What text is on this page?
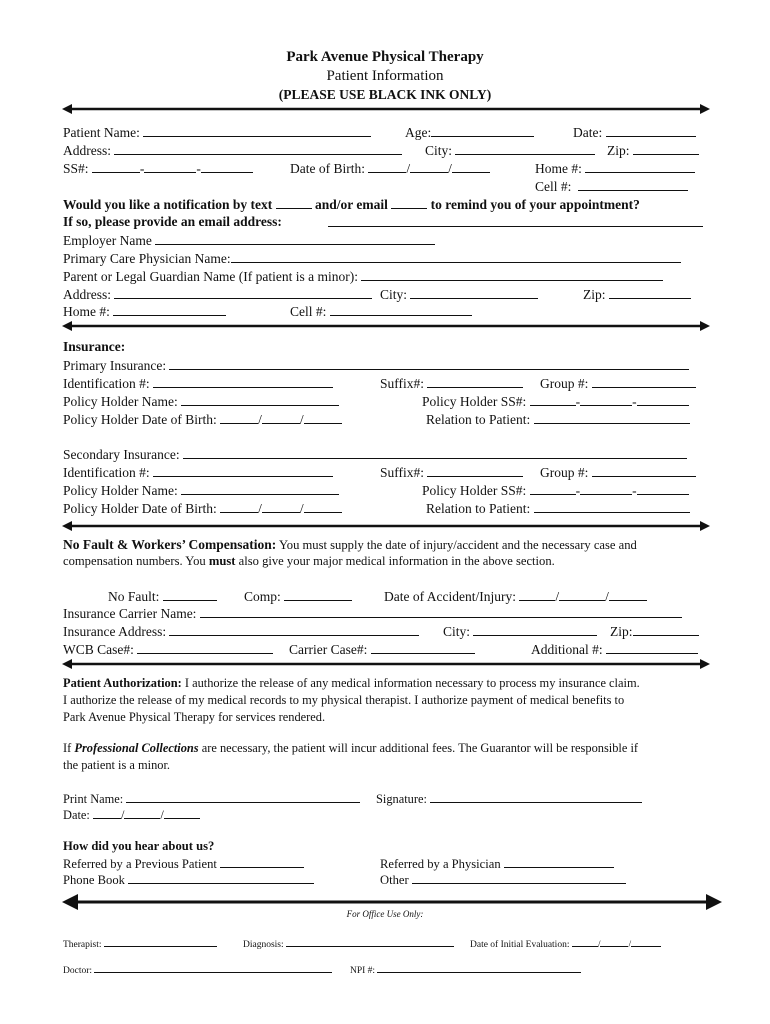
Park Avenue Physical Therapy
Patient Information
(PLEASE USE BLACK INK ONLY)
Patient Name:	Age:	Date:
Address:	City:	Zip:
SS#:	-	-	Date of Birth:	/	/	Home #:
Cell #:
Would you like a notification by text	and/or email	to remind you of your appointment?
If so, please provide an email address:
Employer Name
Primary Care Physician Name:
Parent or Legal Guardian Name (If patient is a minor):
Address:	City:	Zip:
Home #:	Cell #:
Insurance:
Primary Insurance:
Identification #:	Suffix#:	Group #:
Policy Holder Name:	Policy Holder SS#:	-	-
Policy Holder Date of Birth:	/	/	Relation to Patient:
Secondary Insurance:
Identification #:	Suffix#:	Group #:
Policy Holder Name:	Policy Holder SS#:	-	-
Policy Holder Date of Birth:	/	/	Relation to Patient:
No Fault & Workers’ Compensation: You must supply the date of injury/accident and the necessary case and
compensation numbers. You must also give your major medical information in the above section.
No Fault:	Comp:	Date of Accident/Injury:	/	/
Insurance Carrier Name:
Insurance Address:	City:	Zip:
WCB Case#:	Carrier Case#:	Additional #:
Patient Authorization: I authorize the release of any medical information necessary to process my insurance claim.
I authorize the release of my medical records to my physical therapist. I authorize payment of medical benefits to
Park Avenue Physical Therapy for services rendered.
If Professional Collections are necessary, the patient will incur additional fees. The Guarantor will be responsible if
the patient is a minor.
Print Name:	Signature:
Date:	/	/
How did you hear about us?
Referred by a Previous Patient	Referred by a Physician
Phone Book	Other
For Office Use Only:
Therapist:	Diagnosis:	Date of Initial Evaluation:	/	/
Doctor:	NPI #:
